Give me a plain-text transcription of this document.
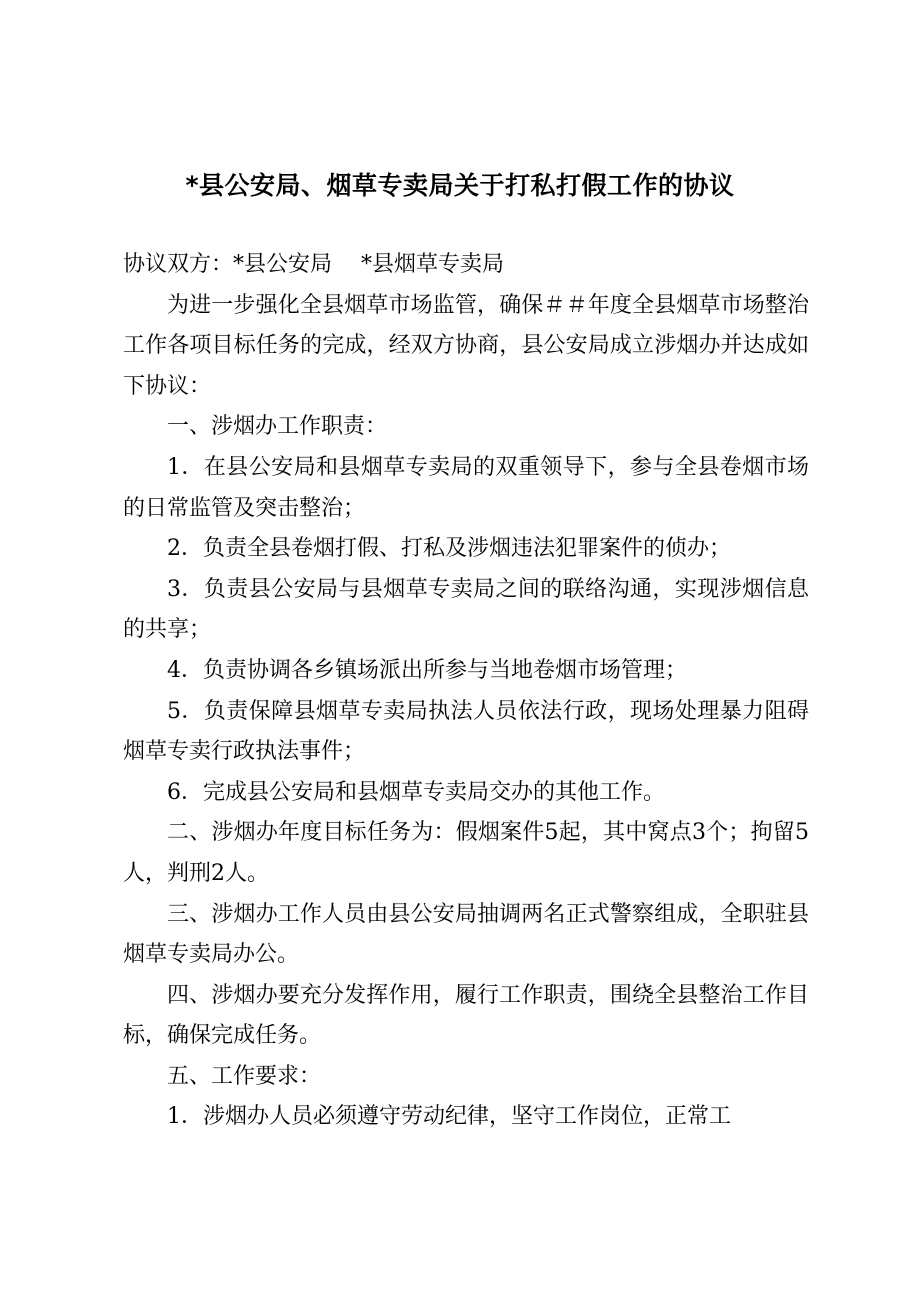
*县公安局、烟草专卖局关于打私打假工作的协议

协议双方：*县公安局　 *县烟草专卖局

为进一步强化全县烟草市场监管，确保＃＃年度全县烟草市场整治工作各项目标任务的完成，经双方协商，县公安局成立涉烟办并达成如下协议：

一、涉烟办工作职责：

1．在县公安局和县烟草专卖局的双重领导下，参与全县卷烟市场的日常监管及突击整治；

2．负责全县卷烟打假、打私及涉烟违法犯罪案件的侦办；

3．负责县公安局与县烟草专卖局之间的联络沟通，实现涉烟信息的共享；

4．负责协调各乡镇场派出所参与当地卷烟市场管理；

5．负责保障县烟草专卖局执法人员依法行政，现场处理暴力阻碍烟草专卖行政执法事件；

6．完成县公安局和县烟草专卖局交办的其他工作。

二、涉烟办年度目标任务为：假烟案件5起，其中窝点3个；拘留5人，判刑2人。

三、涉烟办工作人员由县公安局抽调两名正式警察组成，全职驻县烟草专卖局办公。

四、涉烟办要充分发挥作用，履行工作职责，围绕全县整治工作目标，确保完成任务。

五、工作要求：

1．涉烟办人员必须遵守劳动纪律，坚守工作岗位，正常工
